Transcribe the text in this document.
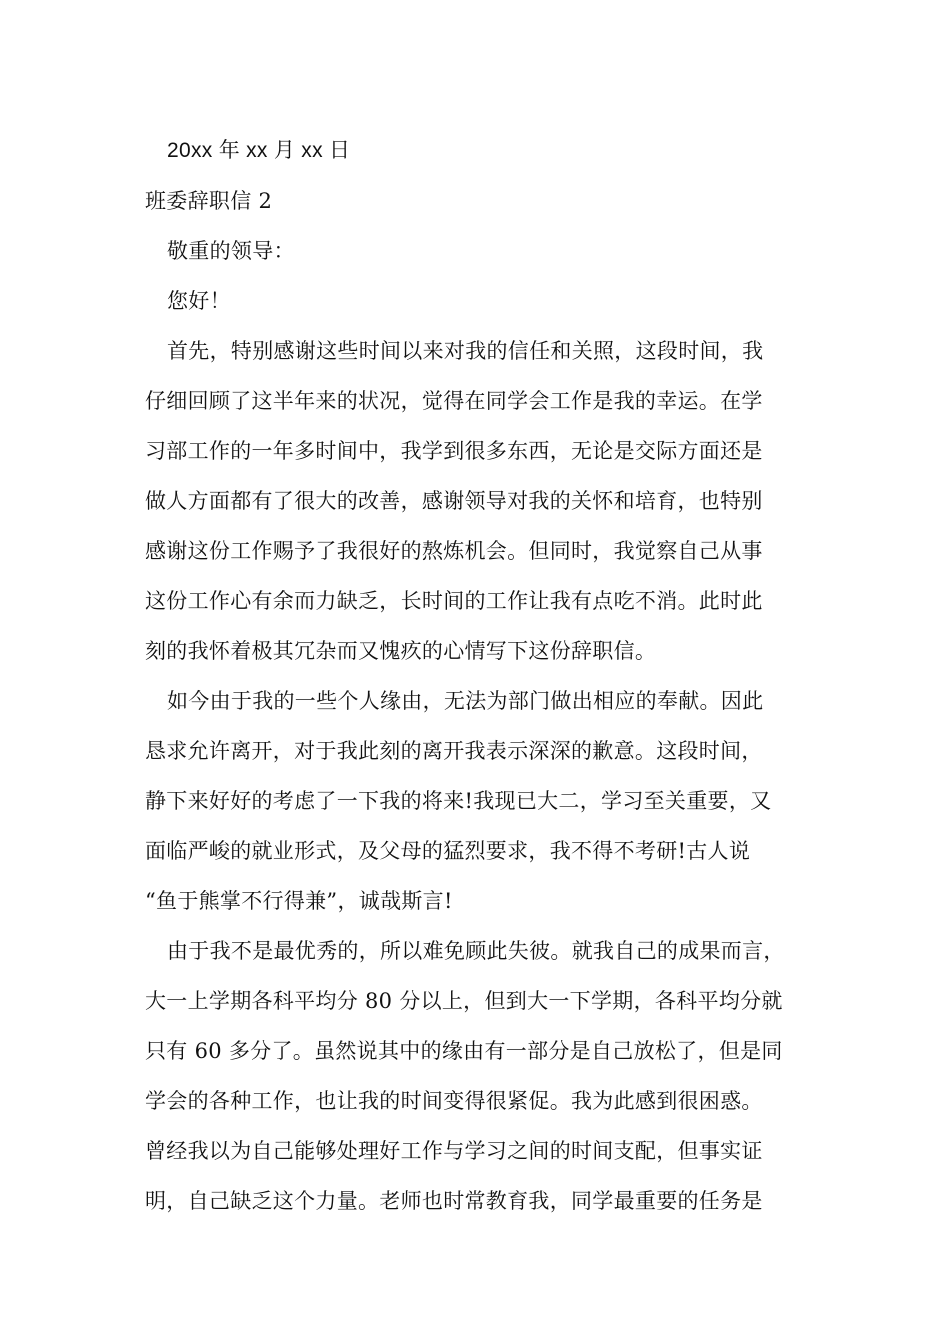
20xx 年 xx 月 xx 日
班委辞职信 2
敬重的领导：
您好！
首先，特别感谢这些时间以来对我的信任和关照，这段时间，我
仔细回顾了这半年来的状况，觉得在同学会工作是我的幸运。在学
习部工作的一年多时间中，我学到很多东西，无论是交际方面还是
做人方面都有了很大的改善，感谢领导对我的关怀和培育，也特别
感谢这份工作赐予了我很好的熬炼机会。但同时，我觉察自己从事
这份工作心有余而力缺乏，长时间的工作让我有点吃不消。此时此
刻的我怀着极其冗杂而又愧疚的心情写下这份辞职信。
如今由于我的一些个人缘由，无法为部门做出相应的奉献。因此
恳求允许离开，对于我此刻的离开我表示深深的歉意。这段时间，
静下来好好的考虑了一下我的将来!我现已大二，学习至关重要，又
面临严峻的就业形式，及父母的猛烈要求，我不得不考研!古人说
“鱼于熊掌不行得兼”，诚哉斯言!
由于我不是最优秀的，所以难免顾此失彼。就我自己的成果而言，
大一上学期各科平均分 80 分以上，但到大一下学期，各科平均分就
只有 60 多分了。虽然说其中的缘由有一部分是自己放松了，但是同
学会的各种工作，也让我的时间变得很紧促。我为此感到很困惑。
曾经我以为自己能够处理好工作与学习之间的时间支配，但事实证
明，自己缺乏这个力量。老师也时常教育我，同学最重要的任务是
